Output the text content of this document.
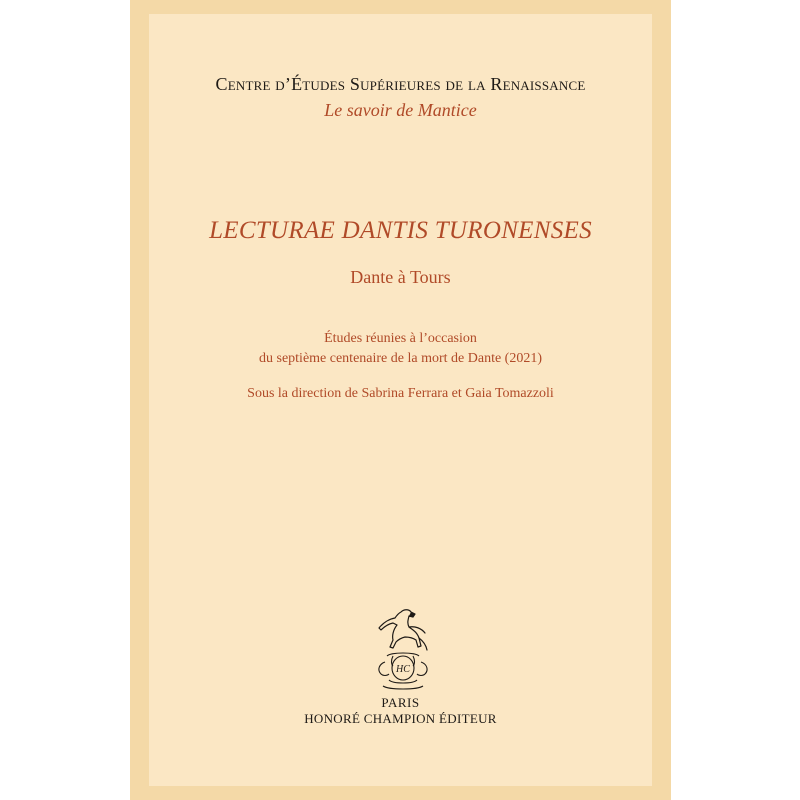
Centre d’Études Supérieures de la Renaissance
Le savoir de Mantice
LECTURAE DANTIS TURONENSES
Dante à Tours
Études réunies à l’occasion
du septième centenaire de la mort de Dante (2021)
Sous la direction de Sabrina Ferrara et Gaia Tomazzoli
HC
PARIS
HONORÉ CHAMPION ÉDITEUR
